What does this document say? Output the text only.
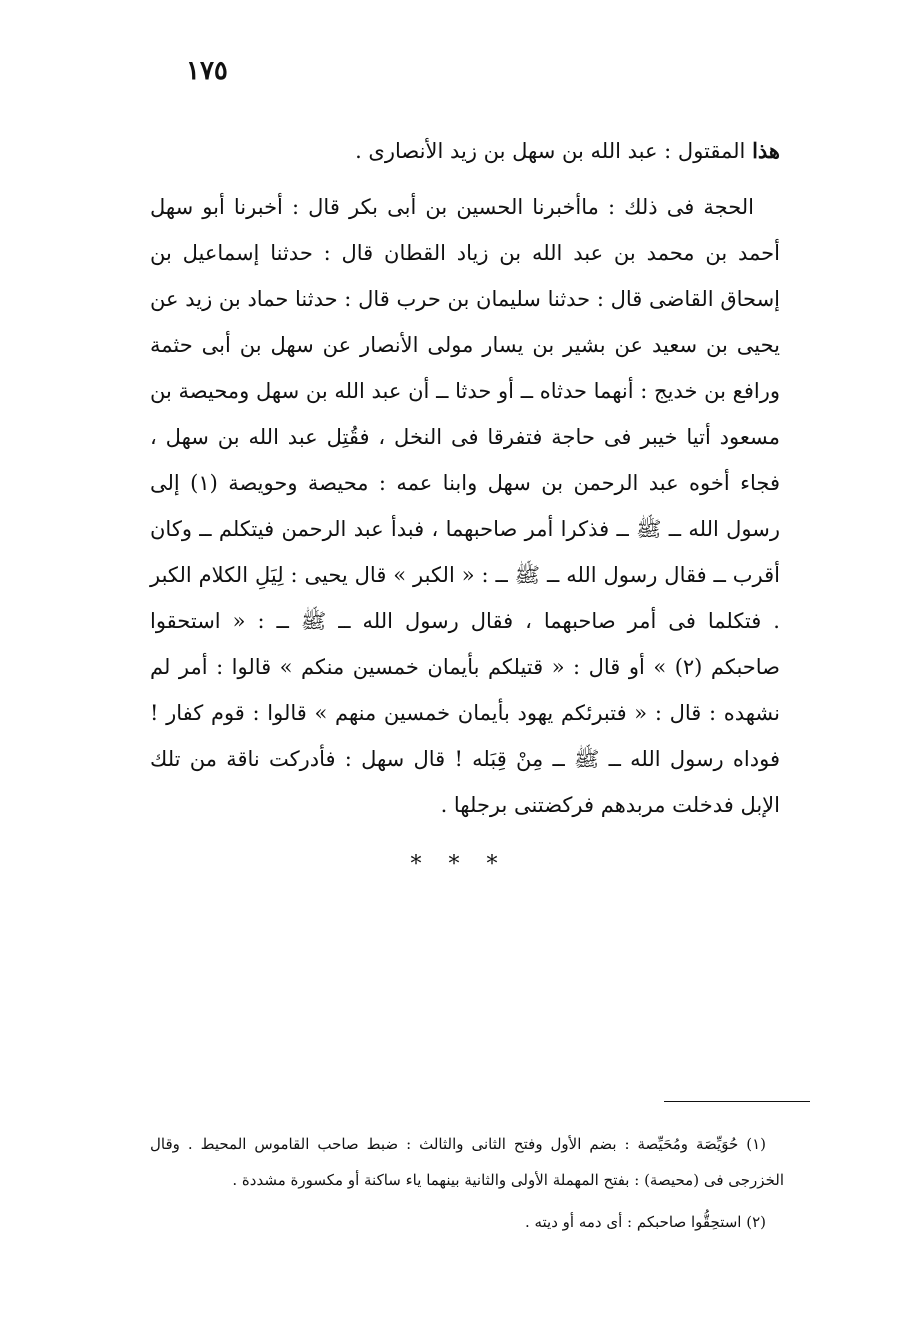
١٧٥

هذا المقتول : عبد الله بن سهل بن زيد الأنصارى .

الحجة فى ذلك : ماأخبرنا الحسين بن أبى بكر قال : أخبرنا أبو سهل أحمد بن محمد بن عبد الله بن زياد القطان قال : حدثنا إسماعيل بن إسحاق القاضى قال : حدثنا سليمان بن حرب قال : حدثنا حماد بن زيد عن يحيى بن سعيد عن بشير بن يسار مولى الأنصار عن سهل بن أبى حثمة ورافع بن خديج : أنهما حدثاه ــ أو حدثا ــ أن عبد الله بن سهل ومحيصة بن مسعود أتيا خيبر فى حاجة فتفرقا فى النخل ، فقُتِل عبد الله بن سهل ، فجاء أخوه عبد الرحمن بن سهل وابنا عمه : محيصة وحويصة (١) إلى رسول الله ــ ﷺ ــ فذكرا أمر صاحبهما ، فبدأ عبد الرحمن فيتكلم ــ وكان أقرب ــ فقال رسول الله ــ ﷺ ــ : « الكبر » قال يحيى : لِيَلِ الكلام الكبر . فتكلما فى أمر صاحبهما ، فقال رسول الله ــ ﷺ ــ : « استحقوا صاحبكم (٢) » أو قال : « قتيلكم بأيمان خمسين منكم » قالوا : أمر لم نشهده : قال : « فتبرئكم يهود بأيمان خمسين منهم » قالوا : قوم كفار ! فوداه رسول الله ــ ﷺ ــ مِنْ قِبَله ! قال سهل : فأدركت ناقة من تلك الإبل فدخلت مربدهم فركضتنى برجلها .

* * *

(١) حُوَيِّصَة ومُحَيِّصة : بضم الأول وفتح الثانى والثالث : ضبط صاحب القاموس المحيط . وقال الخزرجى فى (محيصة) : بفتح المهملة الأولى والثانية بينهما ياء ساكنة أو مكسورة مشددة .

(٢) استحِقُّوا صاحبكم : أى دمه أو ديته .
